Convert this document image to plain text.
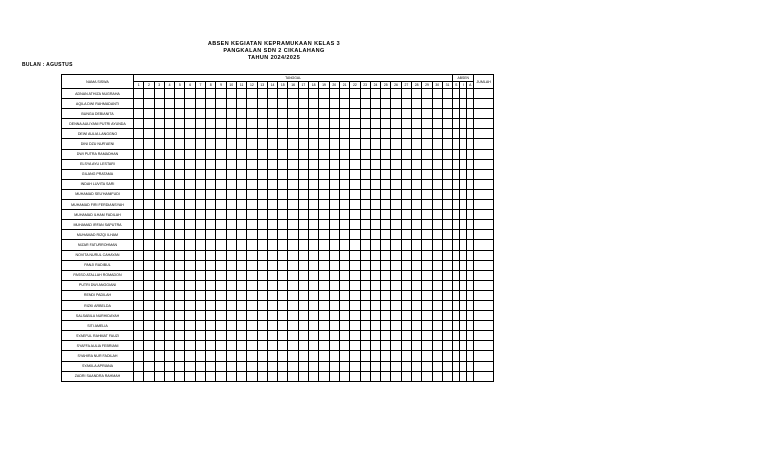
ABSEN KEGIATAN KEPRAMUKAAN KELAS 3
PANGKALAN SDN 2 CIKALAHANG
TAHUN 2024/2025
BULAN : AGUSTUS
NAMA SISWA	TANGGAL																															ABSEN			JUMLAH
	1	2	3	4	5	6	7	8	9	10	11	12	13	14	15	16	17	18	19	20	21	22	23	24	25	26	27	28	29	30	31	S	I	A	
ADNAN ATHIZA NUGRAHA																																			
AQILA DWI RAHMADANTI																																			
BUNGA DEBIANITA																																			
DENNA AULIYANI PUTRI AYUNDA																																			
DEWI AULIA LANGGNO																																			
DINI DZU NUR'AENI																																			
DWI PUTRA RAMADHAN																																			
ELSYA AYU LESTARI																																			
GILANG PRATAMA																																			
INDAH LUVITA SARI																																			
MUHAMAD SEU'HANIFUDI																																			
MUHAMAD FIRI FERDIANSYAH																																			
MUHAMAD ILHAM FADILAH																																			
MUHAMAD IRFAN SAPUTRA																																			
MUHAMAD RIZQI ILHAM																																			
NIZAR FATURROHMAN																																			
NOVITA NURUL CAHAYAN																																			
PANJI RADIBUL																																			
PASSO ATALLAH ROMADON																																			
PUTRI DWI ANGGIANI																																			
RENDI PADILAH																																			
RIZKI ARBELDA																																			
SALSABILA NURHIDAYAH																																			
SITI AMELIA																																			
SYAEFUL RAHMAT FAUZI																																			
SYAFFA AULIA FEBRIANI																																			
SYAHIRA NUR FADILAH																																			
SYAKILA APRIANA																																			
ZADRI SAANDRA RAHMAH																																			
